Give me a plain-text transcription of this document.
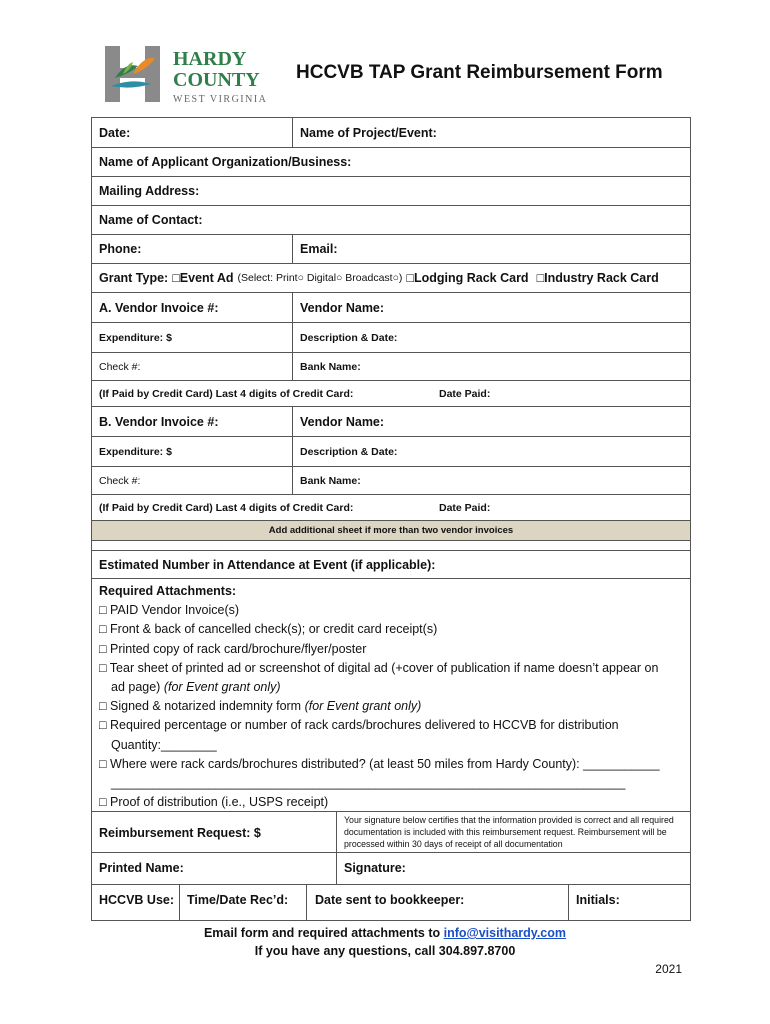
HARDY
COUNTY
WEST VIRGINIA
HCCVB TAP Grant Reimbursement Form
Date:	Name of Project/Event:
Name of Applicant Organization/Business:
Mailing Address:
Name of Contact:
Phone:	Email:
Grant Type: □Event Ad (Select: Print○ Digital○ Broadcast○) □Lodging Rack Card □Industry Rack Card
A. Vendor Invoice #:	Vendor Name:
Expenditure: $	Description & Date:
Check #:	Bank Name:
(If Paid by Credit Card) Last 4 digits of Credit Card:	Date Paid:
B. Vendor Invoice #:	Vendor Name:
Expenditure: $	Description & Date:
Check #:	Bank Name:
(If Paid by Credit Card) Last 4 digits of Credit Card:	Date Paid:
Add additional sheet if more than two vendor invoices
Estimated Number in Attendance at Event (if applicable):
Required Attachments:
□ PAID Vendor Invoice(s)
□ Front & back of cancelled check(s); or credit card receipt(s)
□ Printed copy of rack card/brochure/flyer/poster
□ Tear sheet of printed ad or screenshot of digital ad (+cover of publication if name doesn’t appear on
ad page) (for Event grant only)
□ Signed & notarized indemnity form (for Event grant only)
□ Required percentage or number of rack cards/brochures delivered to HCCVB for distribution
Quantity:________
□ Where were rack cards/brochures distributed? (at least 50 miles from Hardy County): ___________
__________________________________________________________________________
□ Proof of distribution (i.e., USPS receipt)
Reimbursement Request: $
Your signature below certifies that the information provided is correct and all required documentation is included with this reimbursement request. Reimbursement will be processed within 30 days of receipt of all documentation
Printed Name:	Signature:
HCCVB Use:	Time/Date Rec’d:	Date sent to bookkeeper:	Initials:
Email form and required attachments to info@visithardy.com
If you have any questions, call 304.897.8700
2021
